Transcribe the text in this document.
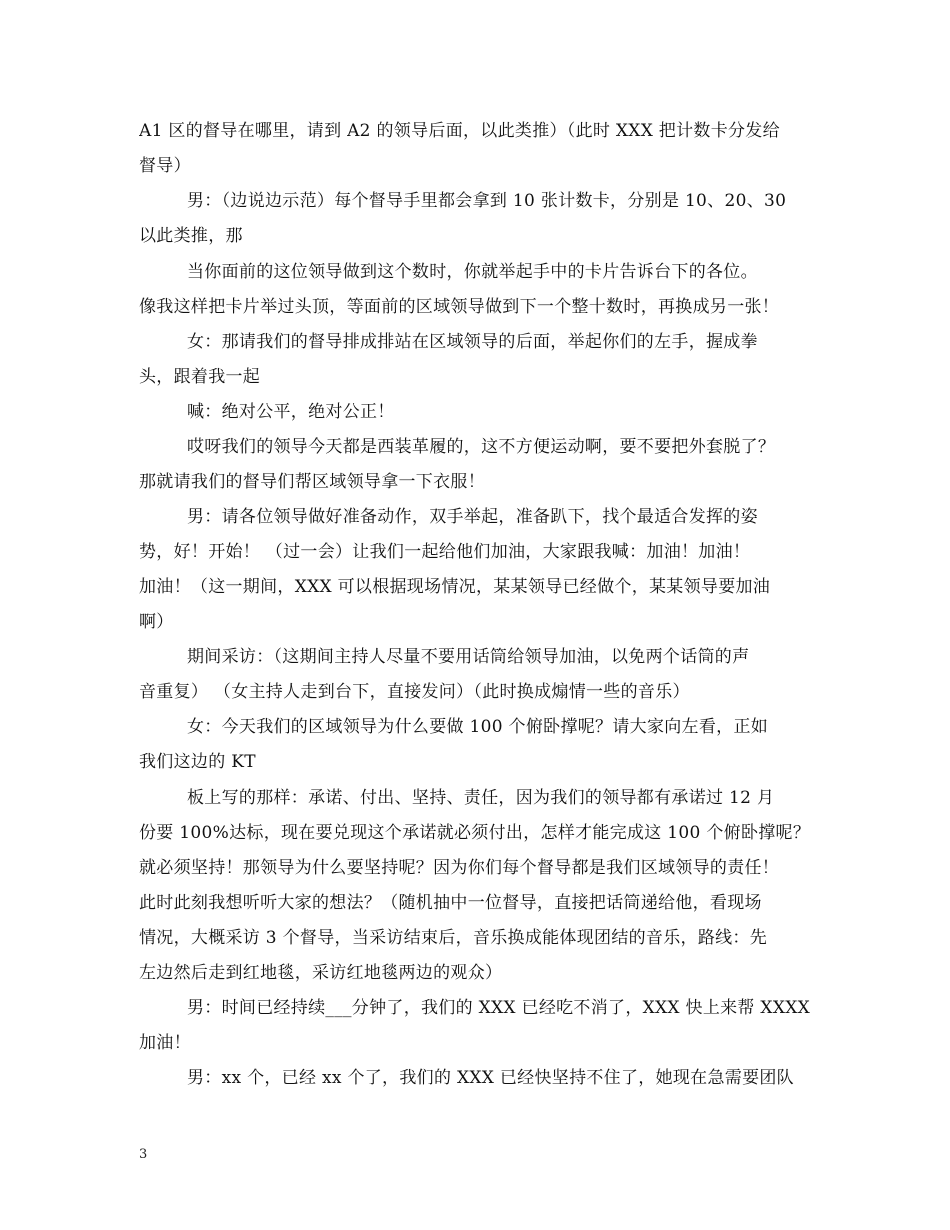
A1 区的督导在哪里，请到 A2 的领导后面，以此类推）（此时 XXX 把计数卡分发给
督导）
男：（边说边示范）每个督导手里都会拿到 10 张计数卡，分别是 10、20、30
以此类推，那
当你面前的这位领导做到这个数时，你就举起手中的卡片告诉台下的各位。
像我这样把卡片举过头顶，等面前的区域领导做到下一个整十数时，再换成另一张！
女：那请我们的督导排成排站在区域领导的后面，举起你们的左手，握成拳
头，跟着我一起
喊：绝对公平，绝对公正！
哎呀我们的领导今天都是西装革履的，这不方便运动啊，要不要把外套脱了？
那就请我们的督导们帮区域领导拿一下衣服！
男：请各位领导做好准备动作，双手举起，准备趴下，找个最适合发挥的姿
势，好！开始！ （过一会）让我们一起给他们加油，大家跟我喊：加油！加油！
加油！（这一期间，XXX 可以根据现场情况，某某领导已经做个，某某领导要加油
啊）
期间采访：（这期间主持人尽量不要用话筒给领导加油，以免两个话筒的声
音重复） （女主持人走到台下，直接发问）（此时换成煽情一些的音乐）
女：今天我们的区域领导为什么要做 100 个俯卧撑呢？请大家向左看，正如
我们这边的 KT
板上写的那样：承诺、付出、坚持、责任，因为我们的领导都有承诺过 12 月
份要 100%达标，现在要兑现这个承诺就必须付出，怎样才能完成这 100 个俯卧撑呢？
就必须坚持！那领导为什么要坚持呢？因为你们每个督导都是我们区域领导的责任！
此时此刻我想听听大家的想法？（随机抽中一位督导，直接把话筒递给他，看现场
情况，大概采访 3 个督导，当采访结束后，音乐换成能体现团结的音乐，路线：先
左边然后走到红地毯，采访红地毯两边的观众）
男：时间已经持续___分钟了，我们的 XXX 已经吃不消了，XXX 快上来帮 XXXX
加油！
男：xx 个，已经 xx 个了，我们的 XXX 已经快坚持不住了，她现在急需要团队
3
